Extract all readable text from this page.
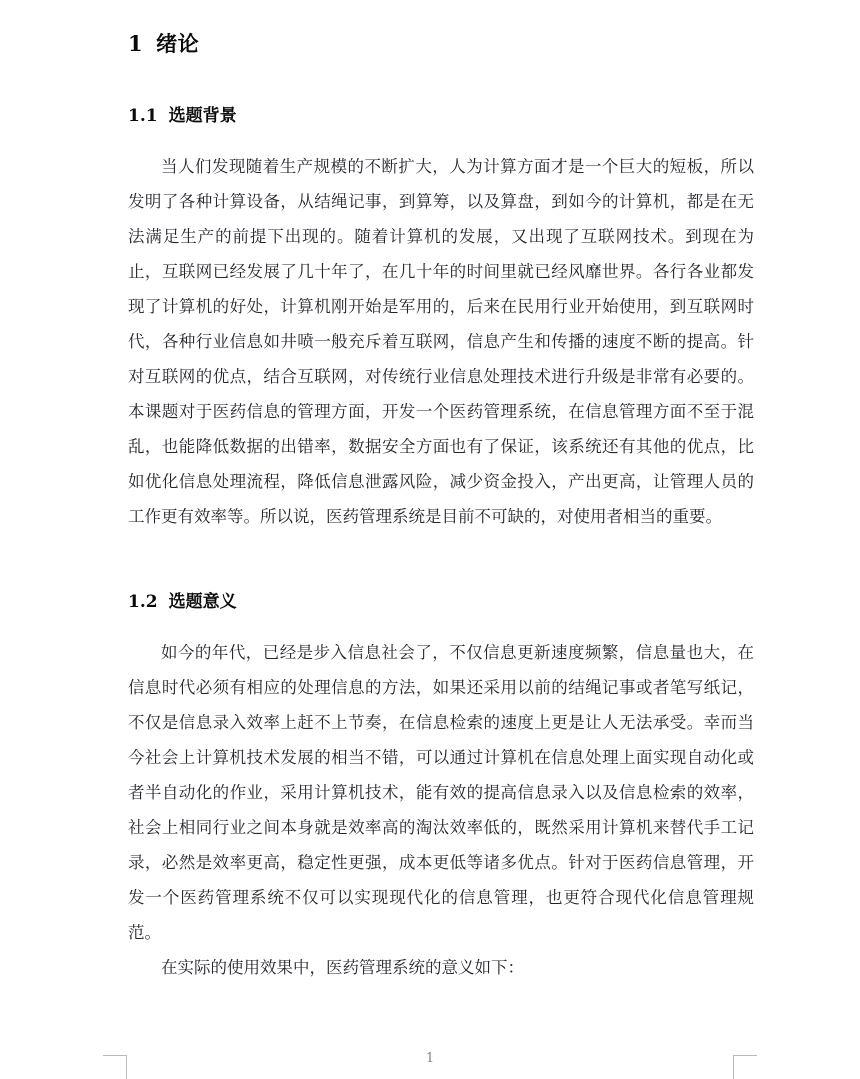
1 绪论
1.1 选题背景

当人们发现随着生产规模的不断扩大，人为计算方面才是一个巨大的短板，所以发明了各种计算设备，从结绳记事，到算筹，以及算盘，到如今的计算机，都是在无法满足生产的前提下出现的。随着计算机的发展，又出现了互联网技术。到现在为止，互联网已经发展了几十年了，在几十年的时间里就已经风靡世界。各行各业都发现了计算机的好处，计算机刚开始是军用的，后来在民用行业开始使用，到互联网时代，各种行业信息如井喷一般充斥着互联网，信息产生和传播的速度不断的提高。针对互联网的优点，结合互联网，对传统行业信息处理技术进行升级是非常有必要的。本课题对于医药信息的管理方面，开发一个医药管理系统，在信息管理方面不至于混乱，也能降低数据的出错率，数据安全方面也有了保证，该系统还有其他的优点，比如优化信息处理流程，降低信息泄露风险，减少资金投入，产出更高，让管理人员的工作更有效率等。所以说，医药管理系统是目前不可缺的，对使用者相当的重要。

1.2 选题意义

如今的年代，已经是步入信息社会了，不仅信息更新速度频繁，信息量也大，在信息时代必须有相应的处理信息的方法，如果还采用以前的结绳记事或者笔写纸记，不仅是信息录入效率上赶不上节奏，在信息检索的速度上更是让人无法承受。幸而当今社会上计算机技术发展的相当不错，可以通过计算机在信息处理上面实现自动化或者半自动化的作业，采用计算机技术，能有效的提高信息录入以及信息检索的效率，社会上相同行业之间本身就是效率高的淘汰效率低的，既然采用计算机来替代手工记录，必然是效率更高，稳定性更强，成本更低等诸多优点。针对于医药信息管理，开发一个医药管理系统不仅可以实现现代化的信息管理，也更符合现代化信息管理规范。

在实际的使用效果中，医药管理系统的意义如下：

1
